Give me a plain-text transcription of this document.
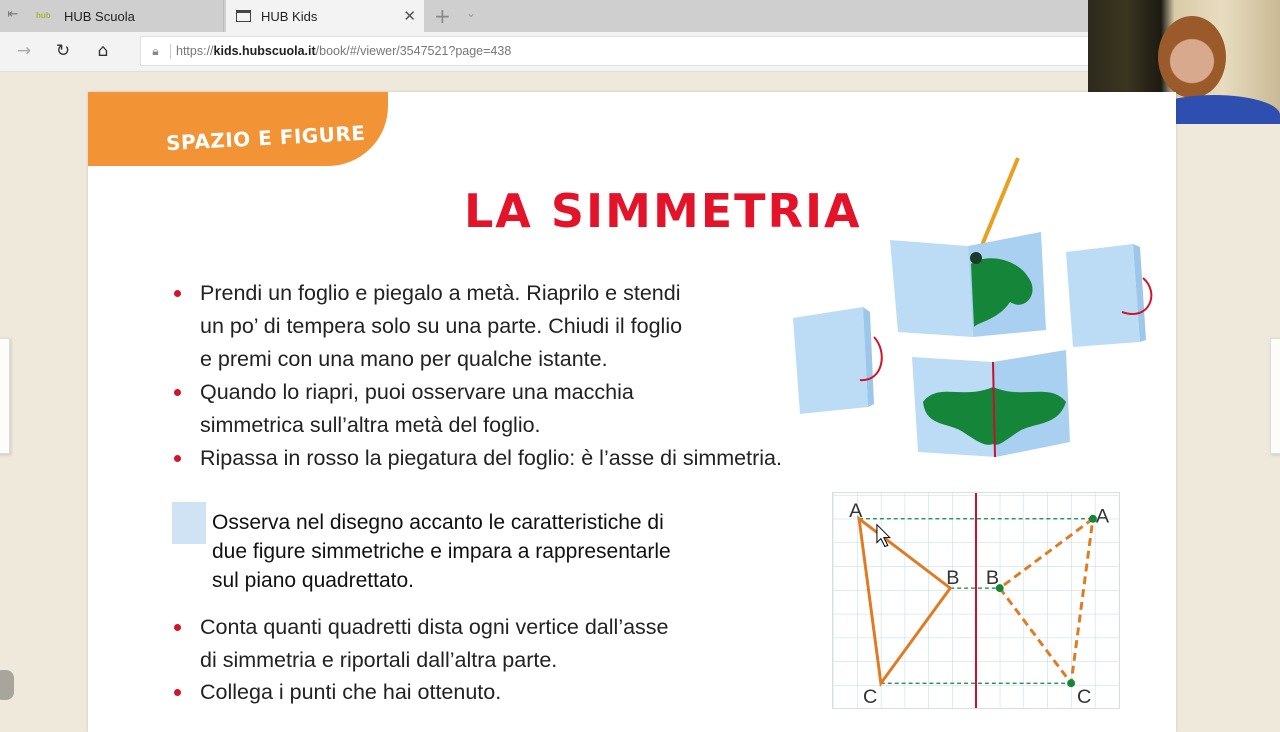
⇤	hub HUB Scuola	HUB Kids	✕ + ⌄
→ ↻	⌂	🔒︎	https:// kids.hubscuola.it /book/#/viewer/3547521?page=438
SPAZIO E FIGURE
LA SIMMETRIA
Prendi un foglio e piegalo a metà. Riaprilo e stendi
un po’ di tempera solo su una parte. Chiudi il foglio
e premi con una mano per qualche istante.
Quando lo riapri, puoi osservare una macchia
simmetrica sull’altra metà del foglio.
Ripassa in rosso la piegatura del foglio: è l’asse di simmetria.
Osserva nel disegno accanto le caratteristiche di
due figure simmetriche e impara a rappresentarle
sul piano quadrettato.
Conta quanti quadretti dista ogni vertice dall’asse
di simmetria e riportali dall’altra parte.
Collega i punti che hai ottenuto.
A
B
C
A
B
C
